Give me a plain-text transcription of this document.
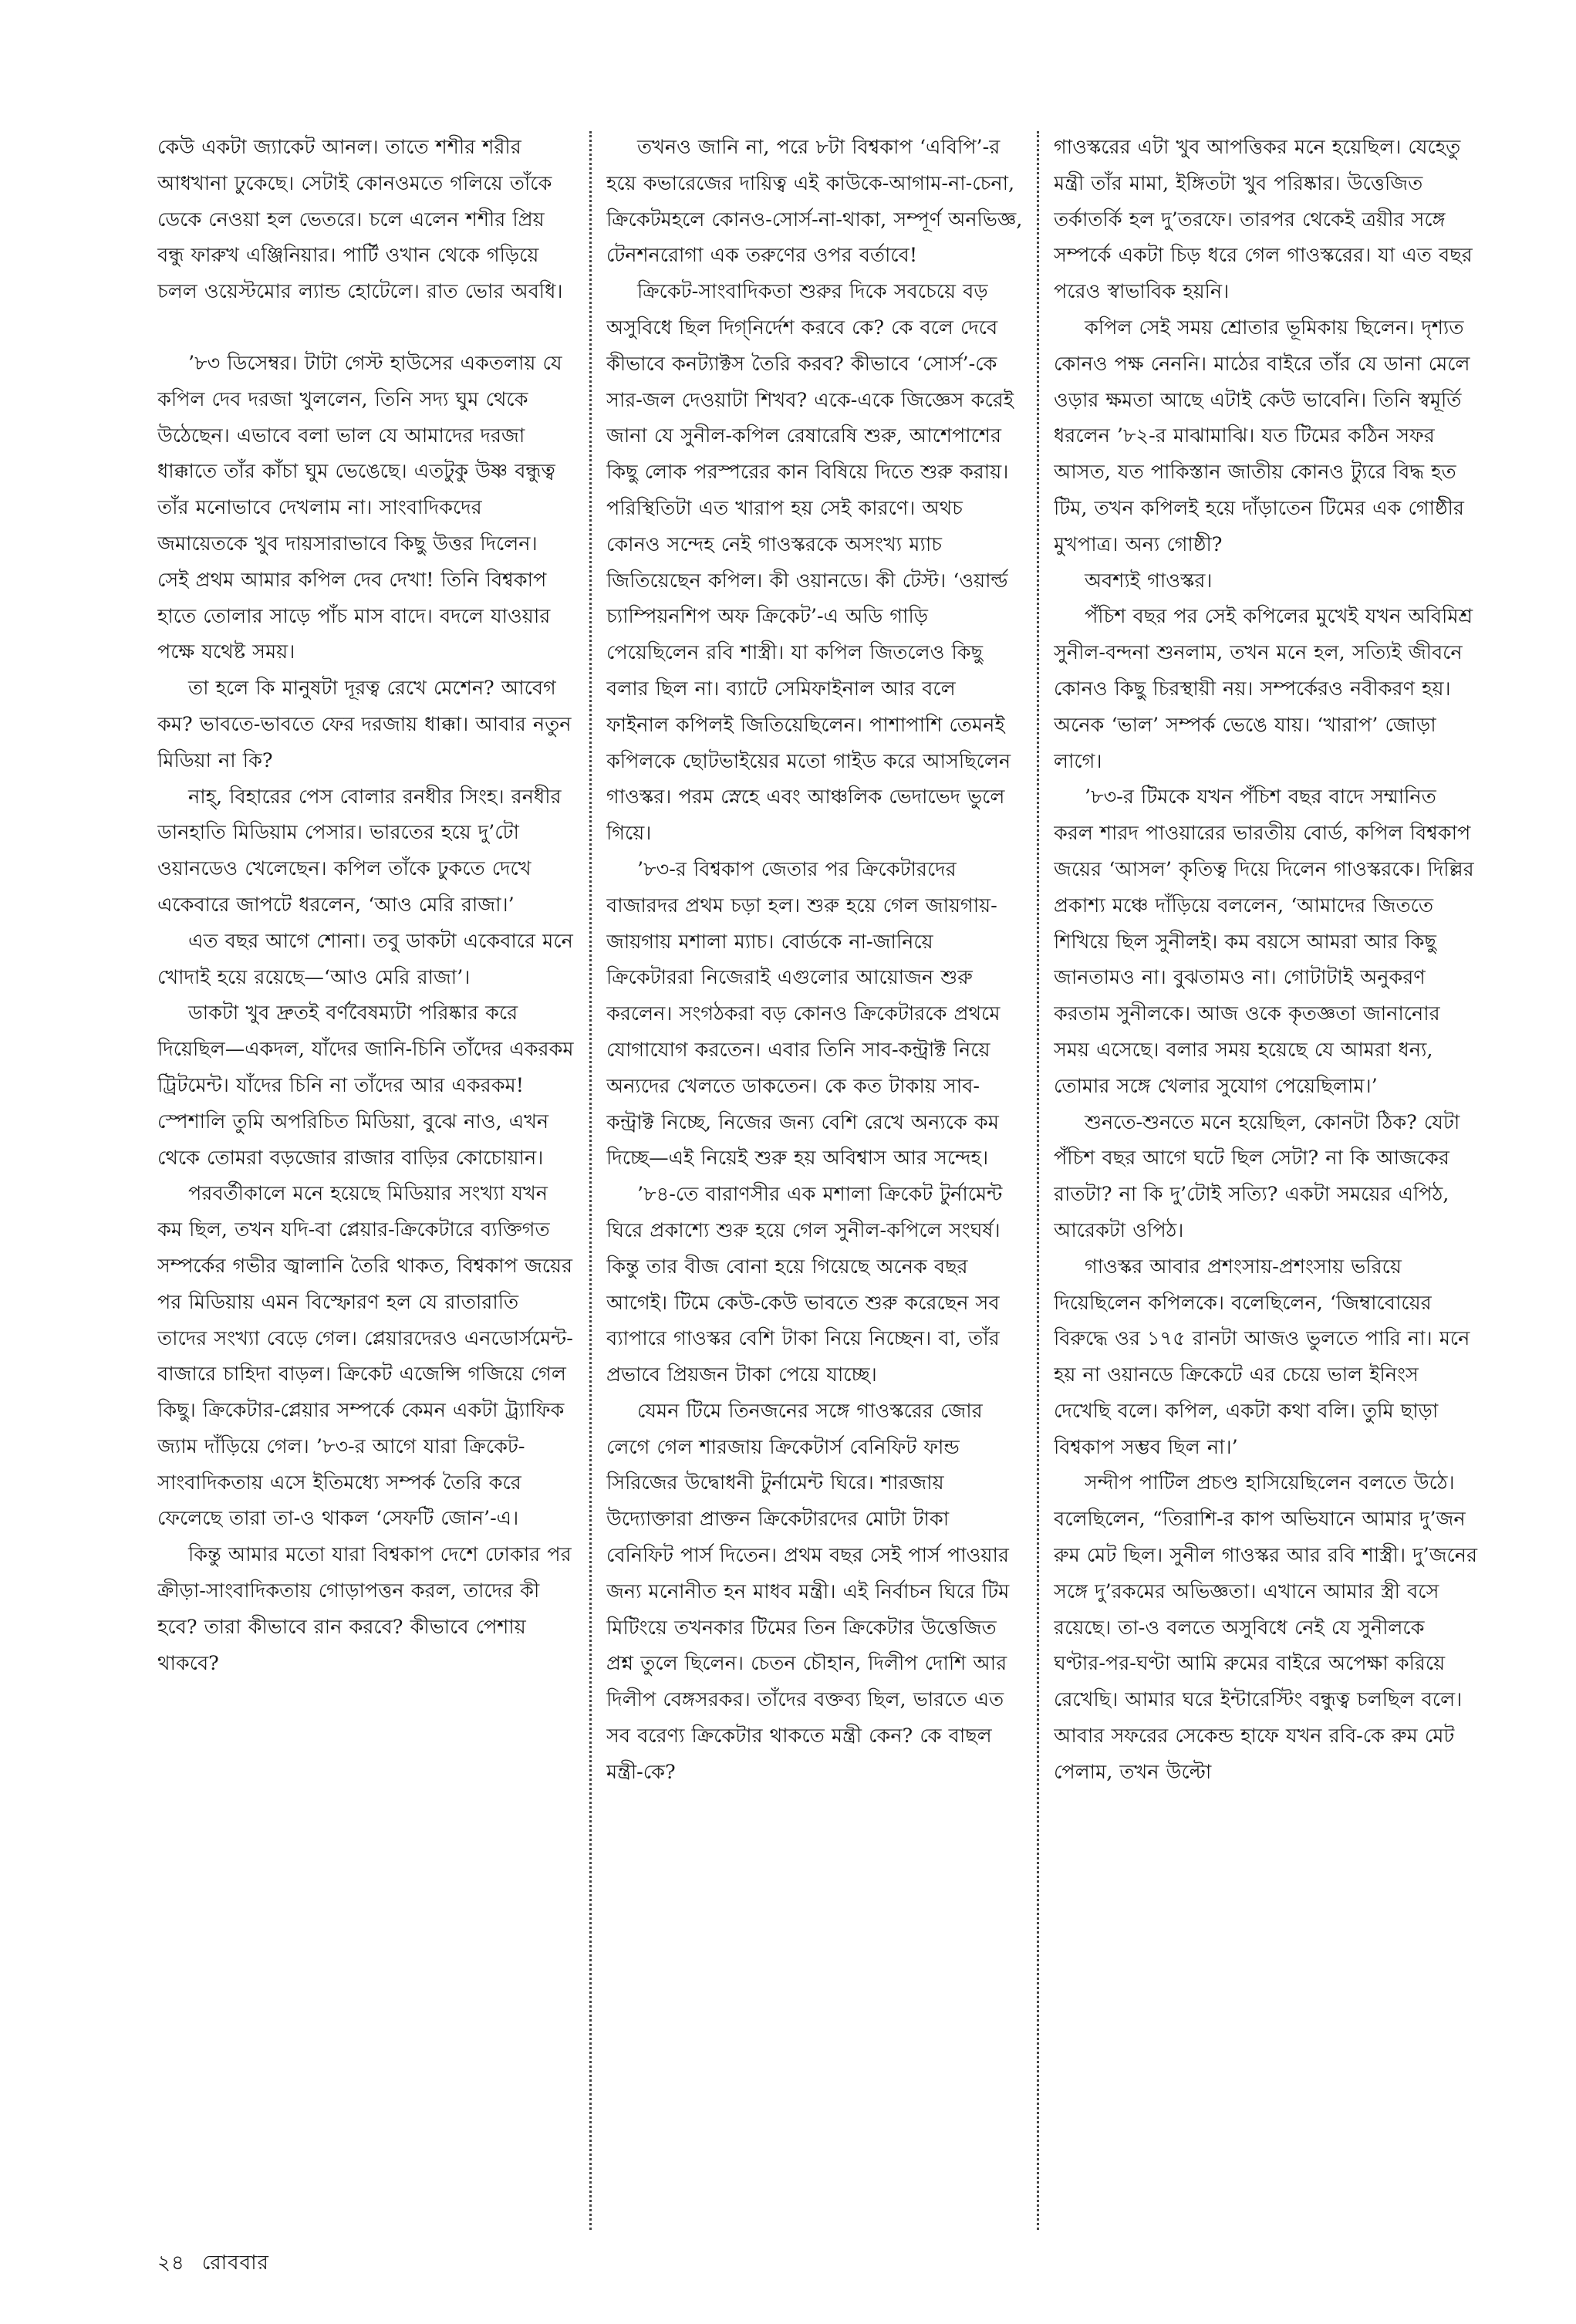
কেউ একটা জ্যাকেট আনল। তাতে শশীর শরীর আধখানা ঢুকেছে। সেটাই কোনওমতে গলিয়ে তাঁকে ডেকে নেওয়া হল ভেতরে। চলে এলেন শশীর প্রিয় বন্ধু ফারুখ এঞ্জিনিয়ার। পার্টি ওখান থেকে গড়িয়ে চলল ওয়েস্টমোর ল্যান্ড হোটেলে। রাত ভোর অবধি।

’৮৩ ডিসেম্বর। টাটা গেস্ট হাউসের একতলায় যে কপিল দেব দরজা খুললেন, তিনি সদ্য ঘুম থেকে উঠেছেন। এভাবে বলা ভাল যে আমাদের দরজা ধাক্কাতে তাঁর কাঁচা ঘুম ভেঙেছে। এতটুকু উষ্ণ বন্ধুত্ব তাঁর মনোভাবে দেখলাম না। সাংবাদিকদের জমায়েতকে খুব দায়সারাভাবে কিছু উত্তর দিলেন। সেই প্রথম আমার কপিল দেব দেখা! তিনি বিশ্বকাপ হাতে তোলার সাড়ে পাঁচ মাস বাদে। বদলে যাওয়ার পক্ষে যথেষ্ট সময়।

তা হলে কি মানুষটা দূরত্ব রেখে মেশেন? আবেগ কম? ভাবতে-ভাবতে ফের দরজায় ধাক্কা। আবার নতুন মিডিয়া না কি?

নাহ্, বিহারের পেস বোলার রনধীর সিংহ। রনধীর ডানহাতি মিডিয়াম পেসার। ভারতের হয়ে দু’টো ওয়ানডেও খেলেছেন। কপিল তাঁকে ঢুকতে দেখে একেবারে জাপটে ধরলেন, ‘আও মেরি রাজা।’

এত বছর আগে শোনা। তবু ডাকটা একেবারে মনে খোদাই হয়ে রয়েছে—‘আও মেরি রাজা’।

ডাকটা খুব দ্রুতই বর্ণবৈষম্যটা পরিষ্কার করে দিয়েছিল—একদল, যাঁদের জানি-চিনি তাঁদের একরকম ট্রিটমেন্ট। যাঁদের চিনি না তাঁদের আর একরকম! স্পেশালি তুমি অপরিচিত মিডিয়া, বুঝে নাও, এখন থেকে তোমরা বড়জোর রাজার বাড়ির কোচোয়ান।

পরবর্তীকালে মনে হয়েছে মিডিয়ার সংখ্যা যখন কম ছিল, তখন যদি-বা প্লেয়ার-ক্রিকেটারে ব্যক্তিগত সম্পর্কের গভীর জ্বালানি তৈরি থাকত, বিশ্বকাপ জয়ের পর মিডিয়ায় এমন বিস্ফোরণ হল যে রাতারাতি তাদের সংখ্যা বেড়ে গেল। প্লেয়ারদেরও এনডোর্সমেন্ট-বাজারে চাহিদা বাড়ল। ক্রিকেট এজেন্সি গজিয়ে গেল কিছু। ক্রিকেটার-প্লেয়ার সম্পর্কে কেমন একটা ট্র্যাফিক জ্যাম দাঁড়িয়ে গেল। ’৮৩-র আগে যারা ক্রিকেট-সাংবাদিকতায় এসে ইতিমধ্যে সম্পর্ক তৈরি করে ফেলেছে তারা তা-ও থাকল ‘সেফটি জোন’-এ।

কিন্তু আমার মতো যারা বিশ্বকাপ দেশে ঢোকার পর ক্রীড়া-সাংবাদিকতায় গোড়াপত্তন করল, তাদের কী হবে? তারা কীভাবে রান করবে? কীভাবে পেশায় থাকবে?

তখনও জানি না, পরে ৮টা বিশ্বকাপ ‘এবিপি’-র হয়ে কভারেজের দায়িত্ব এই কাউকে-আগাম-না-চেনা, ক্রিকেটমহলে কোনও-সোর্স-না-থাকা, সম্পূর্ণ অনভিজ্ঞ, টেনশনরোগা এক তরুণের ওপর বর্তাবে!

ক্রিকেট-সাংবাদিকতা শুরুর দিকে সবচেয়ে বড় অসুবিধে ছিল দিগ্‌নির্দেশ করবে কে? কে বলে দেবে কীভাবে কনট্যাক্টস তৈরি করব? কীভাবে ‘সোর্স’-কে সার-জল দেওয়াটা শিখব? একে-একে জিজ্ঞেস করেই জানা যে সুনীল-কপিল রেষারেষি শুরু, আশেপাশের কিছু লোক পরস্পরের কান বিষিয়ে দিতে শুরু করায়। পরিস্থিতিটা এত খারাপ হয় সেই কারণে। অথচ কোনও সন্দেহ নেই গাওস্করকে অসংখ্য ম্যাচ জিতিয়েছেন কপিল। কী ওয়ানডে। কী টেস্ট। ‘ওয়ার্ল্ড চ্যাম্পিয়নশিপ অফ ক্রিকেট’-এ অডি গাড়ি পেয়েছিলেন রবি শাস্ত্রী। যা কপিল জিতলেও কিছু বলার ছিল না। ব্যাটে সেমিফাইনাল আর বলে ফাইনাল কপিলই জিতিয়েছিলেন। পাশাপাশি তেমনই কপিলকে ছোটভাইয়ের মতো গাইড করে আসছিলেন গাওস্কর। পরম স্নেহে এবং আঞ্চলিক ভেদাভেদ ভুলে গিয়ে।

’৮৩-র বিশ্বকাপ জেতার পর ক্রিকেটারদের বাজারদর প্রথম চড়া হল। শুরু হয়ে গেল জায়গায়-জায়গায় মশালা ম্যাচ। বোর্ডকে না-জানিয়ে ক্রিকেটাররা নিজেরাই এগুলোর আয়োজন শুরু করলেন। সংগঠকরা বড় কোনও ক্রিকেটারকে প্রথমে যোগাযোগ করতেন। এবার তিনি সাব-কন্ট্রাক্ট নিয়ে অন্যদের খেলতে ডাকতেন। কে কত টাকায় সাব-কন্ট্রাক্ট নিচ্ছে, নিজের জন্য বেশি রেখে অন্যকে কম দিচ্ছে—এই নিয়েই শুরু হয় অবিশ্বাস আর সন্দেহ।

’৮৪-তে বারাণসীর এক মশালা ক্রিকেট টুর্নামেন্ট ঘিরে প্রকাশ্যে শুরু হয়ে গেল সুনীল-কপিলে সংঘর্ষ। কিন্তু তার বীজ বোনা হয়ে গিয়েছে অনেক বছর আগেই। টিমে কেউ-কেউ ভাবতে শুরু করেছেন সব ব্যাপারে গাওস্কর বেশি টাকা নিয়ে নিচ্ছেন। বা, তাঁর প্রভাবে প্রিয়জন টাকা পেয়ে যাচ্ছে।

যেমন টিমে তিনজনের সঙ্গে গাওস্করের জোর লেগে গেল শারজায় ক্রিকেটার্স বেনিফিট ফান্ড সিরিজের উদ্বোধনী টুর্নামেন্ট ঘিরে। শারজায় উদ্যোক্তারা প্রাক্তন ক্রিকেটারদের মোটা টাকা বেনিফিট পার্স দিতেন। প্রথম বছর সেই পার্স পাওয়ার জন্য মনোনীত হন মাধব মন্ত্রী। এই নির্বাচন ঘিরে টিম মিটিংয়ে তখনকার টিমের তিন ক্রিকেটার উত্তেজিত প্রশ্ন তুলে ছিলেন। চেতন চৌহান, দিলীপ দোশি আর দিলীপ বেঙ্গসরকর। তাঁদের বক্তব্য ছিল, ভারতে এত সব বরেণ্য ক্রিকেটার থাকতে মন্ত্রী কেন? কে বাছল মন্ত্রী-কে?

গাওস্করের এটা খুব আপত্তিকর মনে হয়েছিল। যেহেতু মন্ত্রী তাঁর মামা, ইঙ্গিতটা খুব পরিষ্কার। উত্তেজিত তর্কাতর্কি হল দু’তরফে। তারপর থেকেই ত্রয়ীর সঙ্গে সম্পর্কে একটা চিড় ধরে গেল গাওস্করের। যা এত বছর পরেও স্বাভাবিক হয়নি।

কপিল সেই সময় শ্রোতার ভূমিকায় ছিলেন। দৃশ্যত কোনও পক্ষ নেননি। মাঠের বাইরে তাঁর যে ডানা মেলে ওড়ার ক্ষমতা আছে এটাই কেউ ভাবেনি। তিনি স্বমূর্তি ধরলেন ’৮২-র মাঝামাঝি। যত টিমের কঠিন সফর আসত, যত পাকিস্তান জাতীয় কোনও ট্যুরে বিদ্ধ হত টিম, তখন কপিলই হয়ে দাঁড়াতেন টিমের এক গোষ্ঠীর মুখপাত্র। অন্য গোষ্ঠী?

অবশ্যই গাওস্কর।

পঁচিশ বছর পর সেই কপিলের মুখেই যখন অবিমিশ্র সুনীল-বন্দনা শুনলাম, তখন মনে হল, সত্যিই জীবনে কোনও কিছু চিরস্থায়ী নয়। সম্পর্কেরও নবীকরণ হয়। অনেক ‘ভাল’ সম্পর্ক ভেঙে যায়। ‘খারাপ’ জোড়া লাগে।

’৮৩-র টিমকে যখন পঁচিশ বছর বাদে সম্মানিত করল শারদ পাওয়ারের ভারতীয় বোর্ড, কপিল বিশ্বকাপ জয়ের ‘আসল’ কৃতিত্ব দিয়ে দিলেন গাওস্করকে। দিল্লির প্রকাশ্য মঞ্চে দাঁড়িয়ে বললেন, ‘আমাদের জিততে শিখিয়ে ছিল সুনীলই। কম বয়সে আমরা আর কিছু জানতামও না। বুঝতামও না। গোটাটাই অনুকরণ করতাম সুনীলকে। আজ ওকে কৃতজ্ঞতা জানানোর সময় এসেছে। বলার সময় হয়েছে যে আমরা ধন্য, তোমার সঙ্গে খেলার সুযোগ পেয়েছিলাম।’

শুনতে-শুনতে মনে হয়েছিল, কোনটা ঠিক? যেটা পঁচিশ বছর আগে ঘটে ছিল সেটা? না কি আজকের রাতটা? না কি দু’টোই সত্যি? একটা সময়ের এপিঠ, আরেকটা ওপিঠ।

গাওস্কর আবার প্রশংসায়-প্রশংসায় ভরিয়ে দিয়েছিলেন কপিলকে। বলেছিলেন, ‘জিম্বাবোয়ের বিরুদ্ধে ওর ১৭৫ রানটা আজও ভুলতে পারি না। মনে হয় না ওয়ানডে ক্রিকেটে এর চেয়ে ভাল ইনিংস দেখেছি বলে। কপিল, একটা কথা বলি। তুমি ছাড়া বিশ্বকাপ সম্ভব ছিল না।’

সন্দীপ পাটিল প্রচণ্ড হাসিয়েছিলেন বলতে উঠে। বলেছিলেন, “তিরাশি-র কাপ অভিযানে আমার দু’জন রুম মেট ছিল। সুনীল গাওস্কর আর রবি শাস্ত্রী। দু’জনের সঙ্গে দু’রকমের অভিজ্ঞতা। এখানে আমার স্ত্রী বসে রয়েছে। তা-ও বলতে অসুবিধে নেই যে সুনীলকে ঘণ্টার-পর-ঘণ্টা আমি রুমের বাইরে অপেক্ষা করিয়ে রেখেছি। আমার ঘরে ইন্টারেস্টিং বন্ধুত্ব চলছিল বলে। আবার সফরের সেকেন্ড হাফে যখন রবি-কে রুম মেট পেলাম, তখন উল্টো

২৪ রোববার
